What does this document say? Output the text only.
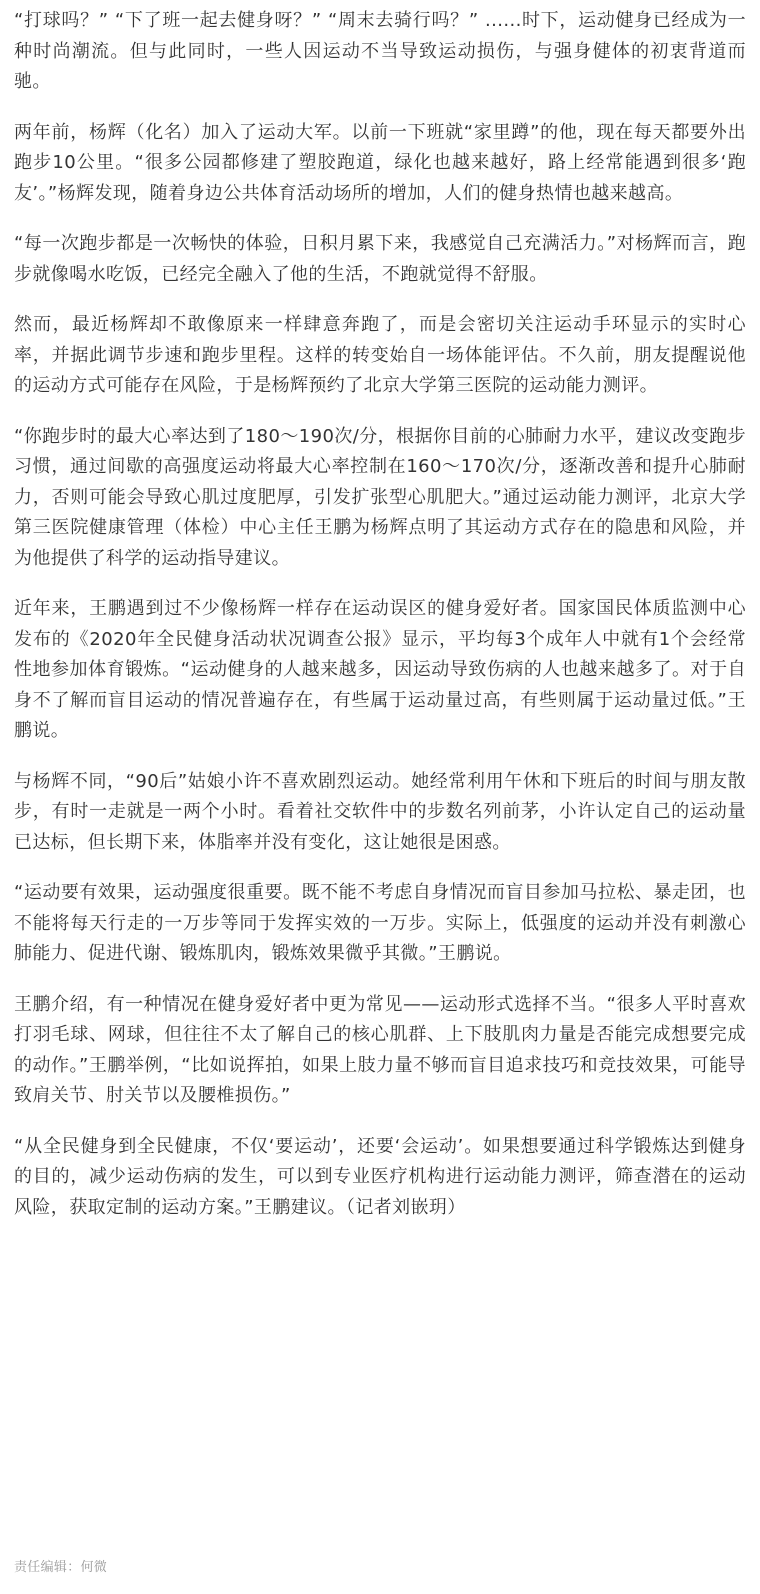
“打球吗？” “下了班一起去健身呀？” “周末去骑行吗？” ......时下，运动健身已经成为一种时尚潮流。但与此同时，一些人因运动不当导致运动损伤，与强身健体的初衷背道而驰。

两年前，杨辉（化名）加入了运动大军。以前一下班就“家里蹲”的他，现在每天都要外出跑步10公里。“很多公园都修建了塑胶跑道，绿化也越来越好，路上经常能遇到很多‘跑友’。”杨辉发现，随着身边公共体育活动场所的增加，人们的健身热情也越来越高。

“每一次跑步都是一次畅快的体验，日积月累下来，我感觉自己充满活力。”对杨辉而言，跑步就像喝水吃饭，已经完全融入了他的生活，不跑就觉得不舒服。

然而，最近杨辉却不敢像原来一样肆意奔跑了，而是会密切关注运动手环显示的实时心率，并据此调节步速和跑步里程。这样的转变始自一场体能评估。不久前，朋友提醒说他的运动方式可能存在风险，于是杨辉预约了北京大学第三医院的运动能力测评。

“你跑步时的最大心率达到了180～190次/分，根据你目前的心肺耐力水平，建议改变跑步习惯，通过间歇的高强度运动将最大心率控制在160～170次/分，逐渐改善和提升心肺耐力，否则可能会导致心肌过度肥厚，引发扩张型心肌肥大。”通过运动能力测评，北京大学第三医院健康管理（体检）中心主任王鹏为杨辉点明了其运动方式存在的隐患和风险，并为他提供了科学的运动指导建议。

近年来，王鹏遇到过不少像杨辉一样存在运动误区的健身爱好者。国家国民体质监测中心发布的《2020年全民健身活动状况调查公报》显示，平均每3个成年人中就有1个会经常性地参加体育锻炼。“运动健身的人越来越多，因运动导致伤病的人也越来越多了。对于自身不了解而盲目运动的情况普遍存在，有些属于运动量过高，有些则属于运动量过低。”王鹏说。

与杨辉不同，“90后”姑娘小许不喜欢剧烈运动。她经常利用午休和下班后的时间与朋友散步，有时一走就是一两个小时。看着社交软件中的步数名列前茅，小许认定自己的运动量已达标，但长期下来，体脂率并没有变化，这让她很是困惑。

“运动要有效果，运动强度很重要。既不能不考虑自身情况而盲目参加马拉松、暴走团，也不能将每天行走的一万步等同于发挥实效的一万步。实际上，低强度的运动并没有刺激心肺能力、促进代谢、锻炼肌肉，锻炼效果微乎其微。”王鹏说。

王鹏介绍，有一种情况在健身爱好者中更为常见——运动形式选择不当。“很多人平时喜欢打羽毛球、网球，但往往不太了解自己的核心肌群、上下肢肌肉力量是否能完成想要完成的动作。”王鹏举例，“比如说挥拍，如果上肢力量不够而盲目追求技巧和竞技效果，可能导致肩关节、肘关节以及腰椎损伤。”

“从全民健身到全民健康，不仅‘要运动’，还要‘会运动’。如果想要通过科学锻炼达到健身的目的，减少运动伤病的发生，可以到专业医疗机构进行运动能力测评，筛查潜在的运动风险，获取定制的运动方案。”王鹏建议。（记者刘嵌玥）

责任编辑：何微
